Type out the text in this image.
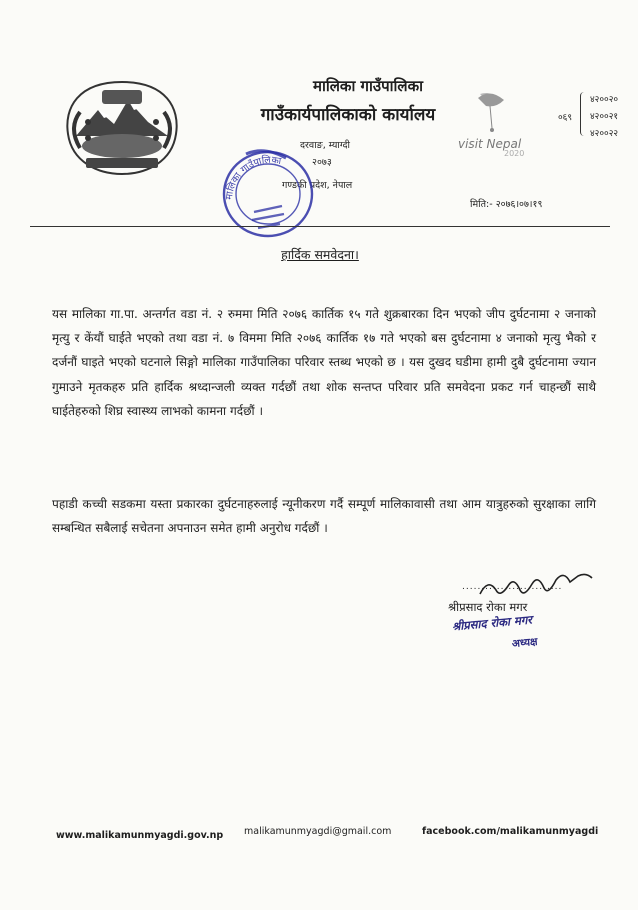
मालिका गाउँपालिका
गाउँकार्यपालिकाको कार्यालय
दरवाङ, म्याग्दी
२०७३
गण्डकी प्रदेश, नेपाल
मालिका गाउँपालिका
visit Nepal
2020
०६९
४२००२०
४२००२१
४२००२२
मिति:- २०७६।०७।१९
हार्दिक समवेदना।
यस मालिका गा.पा. अन्तर्गत वडा नं. २ रुममा मिति २०७६ कार्तिक १५ गते शुक्रबारका दिन भएको जीप दुर्घटनामा २ जनाको मृत्यु र केंयौं घाईते भएको तथा वडा नं. ७ विममा मिति २०७६ कार्तिक १७ गते भएको बस दुर्घटनामा ४ जनाको मृत्यु भैको र दर्जनौं घाइते भएको घटनाले सिङ्गो मालिका गाउँपालिका परिवार स्तब्ध भएको छ । यस दुखद घडीमा हामी दुबै दुर्घटनामा ज्यान गुमाउने मृतकहरु प्रति हार्दिक श्रध्दान्जली व्यक्त गर्दछौं तथा शोक सन्तप्त परिवार प्रति समवेदना प्रकट गर्न चाहन्छौं साथै घाईतेहरुको शिघ्र स्वास्थ्य लाभको कामना गर्दछौं ।
पहाडी कच्ची सडकमा यस्ता प्रकारका दुर्घटनाहरुलाई न्यूनीकरण गर्दै सम्पूर्ण मालिकावासी तथा आम यात्रुहरुको सुरक्षाका लागि सम्बन्धित सबैलाई सचेतना अपनाउन समेत हामी अनुरोध गर्दछौं ।
..........................
श्रीप्रसाद रोका मगर
श्रीप्रसाद रोका मगर
अध्यक्ष
www.malikamunmyagdi.gov.np malikamunmyagdi@gmail.com	facebook.com/malikamunmyagdi
